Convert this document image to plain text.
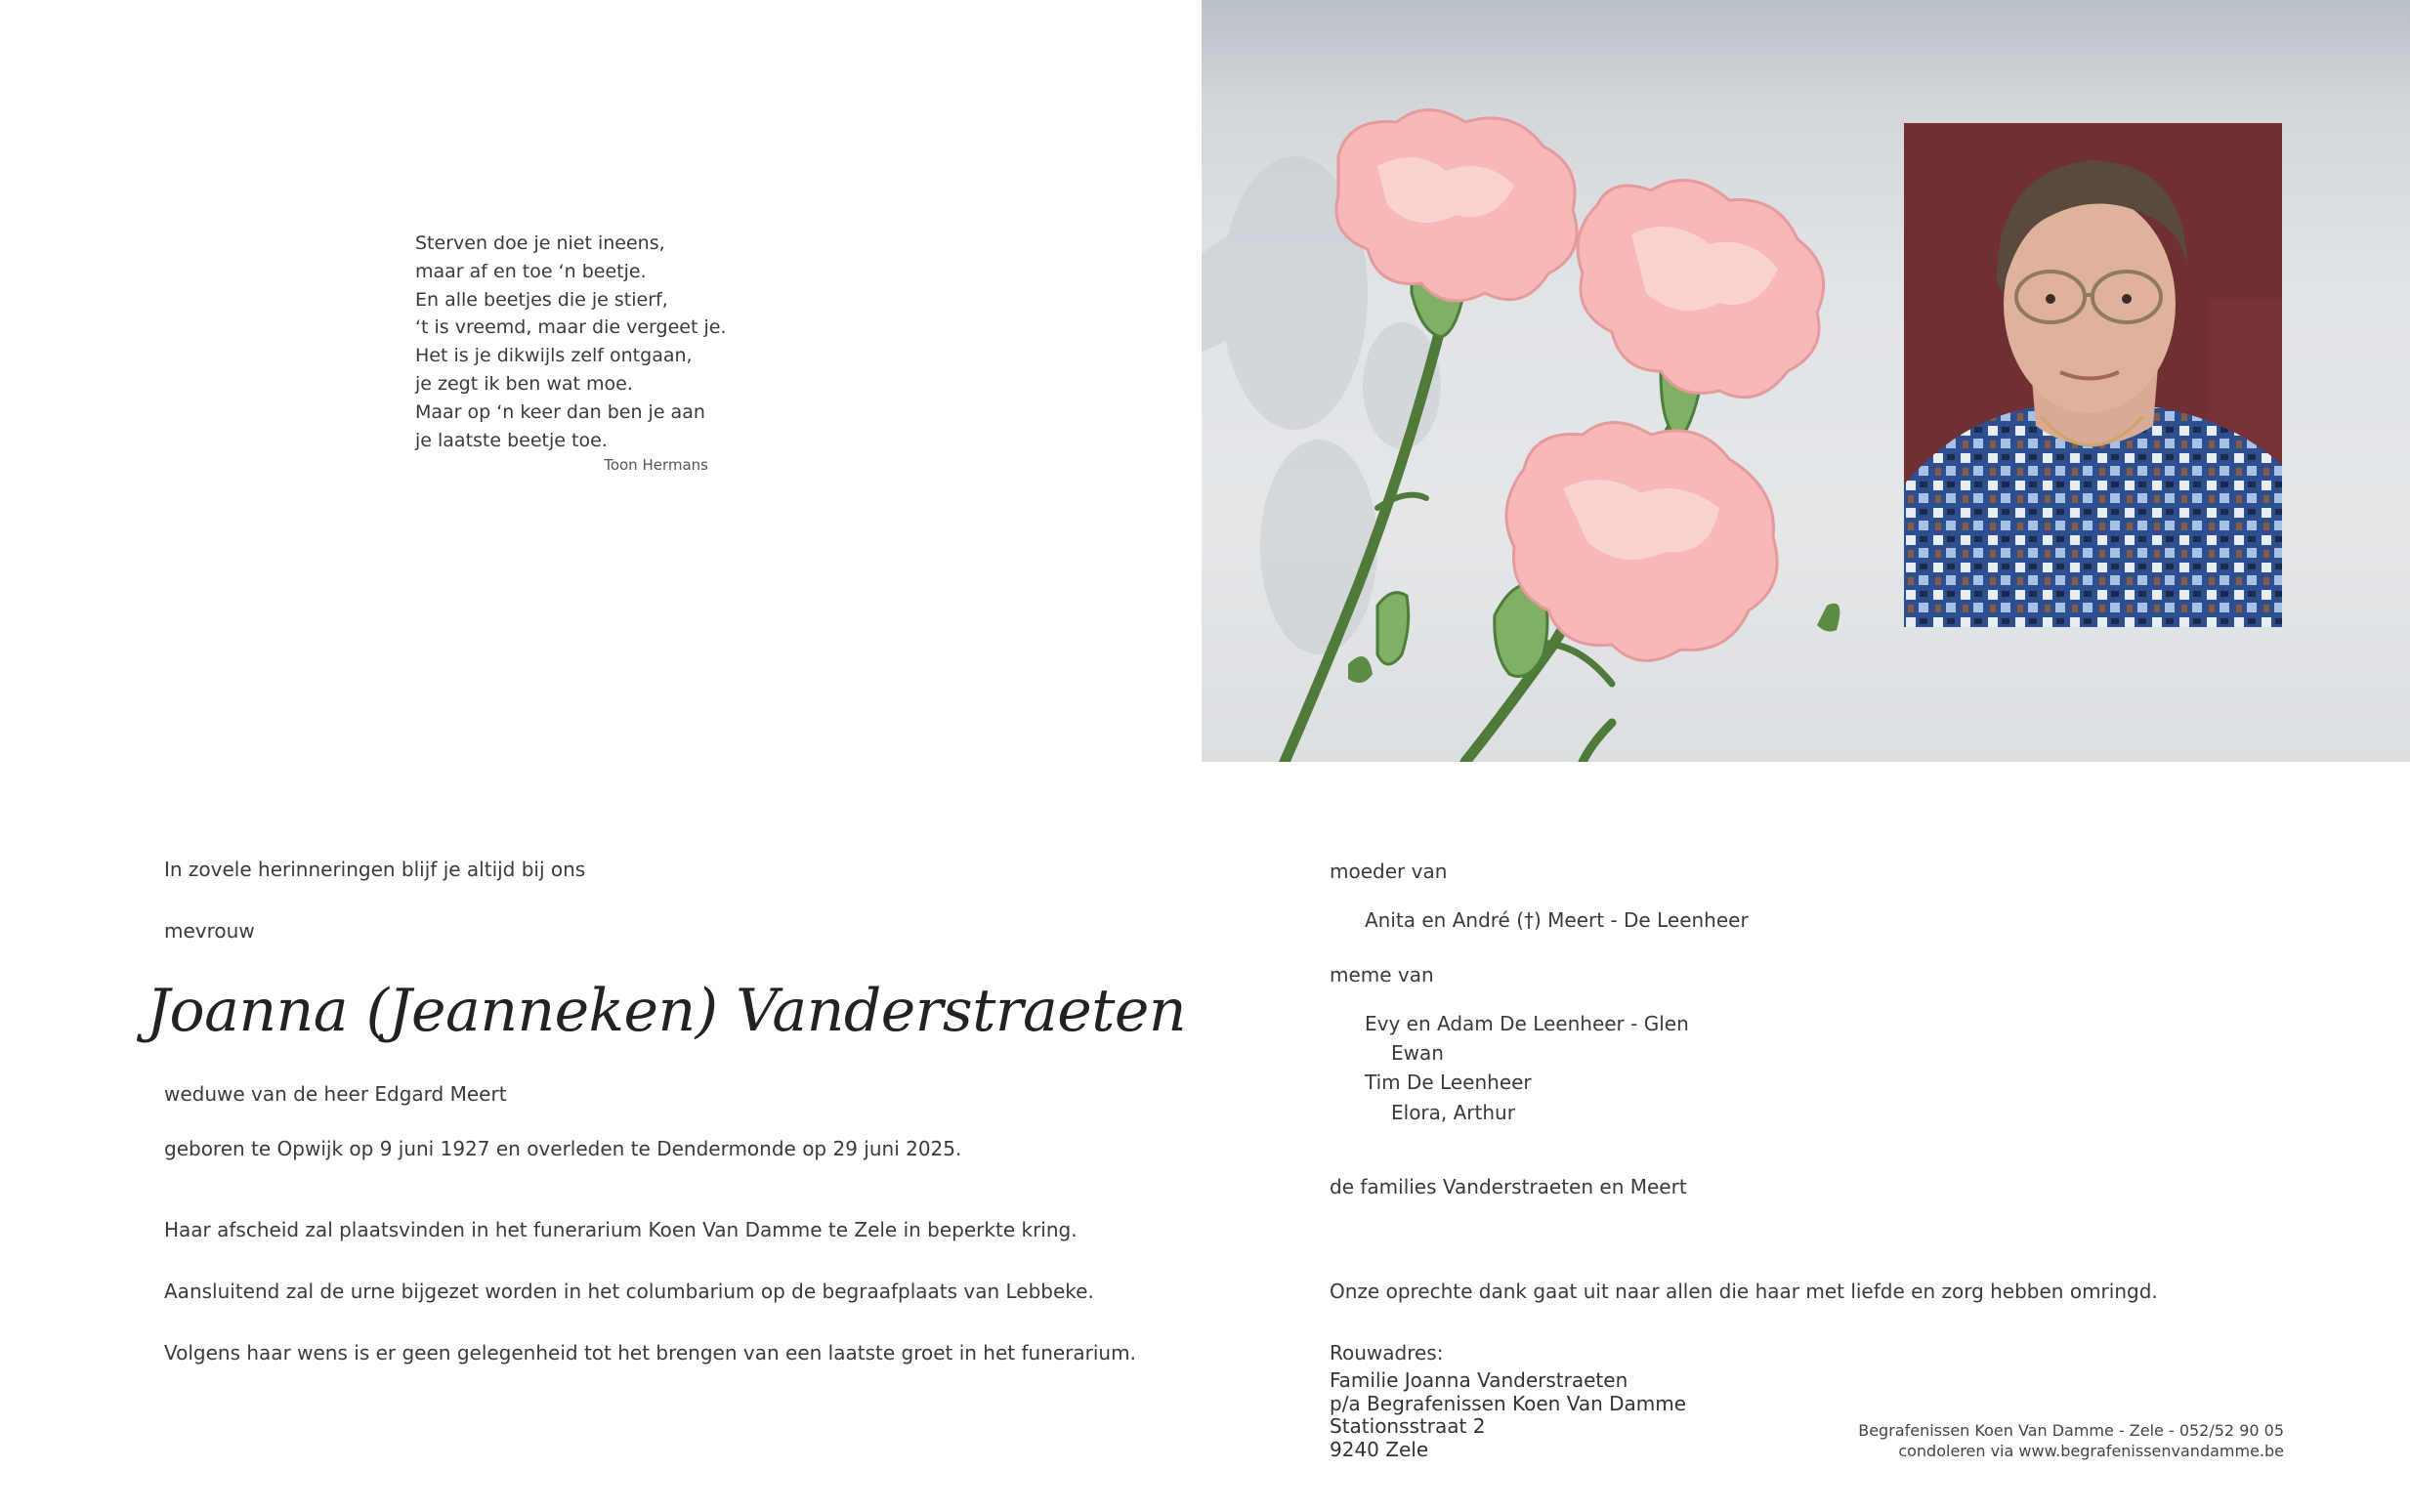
Sterven doe je niet ineens,
maar af en toe ‘n beetje.
En alle beetjes die je stierf,
‘t is vreemd, maar die vergeet je.
Het is je dikwijls zelf ontgaan,
je zegt ik ben wat moe.
Maar op ‘n keer dan ben je aan
je laatste beetje toe.
Toon Hermans
In zovele herinneringen blijf je altijd bij ons
mevrouw
Joanna (Jeanneken) Vanderstraeten
weduwe van de heer Edgard Meert
geboren te Opwijk op 9 juni 1927 en overleden te Dendermonde op 29 juni 2025.
Haar afscheid zal plaatsvinden in het funerarium Koen Van Damme te Zele in beperkte kring.
Aansluitend zal de urne bijgezet worden in het columbarium op de begraafplaats van Lebbeke.
Volgens haar wens is er geen gelegenheid tot het brengen van een laatste groet in het funerarium.
moeder van
Anita en André (†) Meert - De Leenheer
meme van
Evy en Adam De Leenheer - Glen
Ewan
Tim De Leenheer
Elora, Arthur
de families Vanderstraeten en Meert
Onze oprechte dank gaat uit naar allen die haar met liefde en zorg hebben omringd.
Rouwadres:
Familie Joanna Vanderstraeten
p/a Begrafenissen Koen Van Damme
Stationsstraat 2
9240 Zele
Begrafenissen Koen Van Damme - Zele - 052/52 90 05
condoleren via www.begrafenissenvandamme.be
